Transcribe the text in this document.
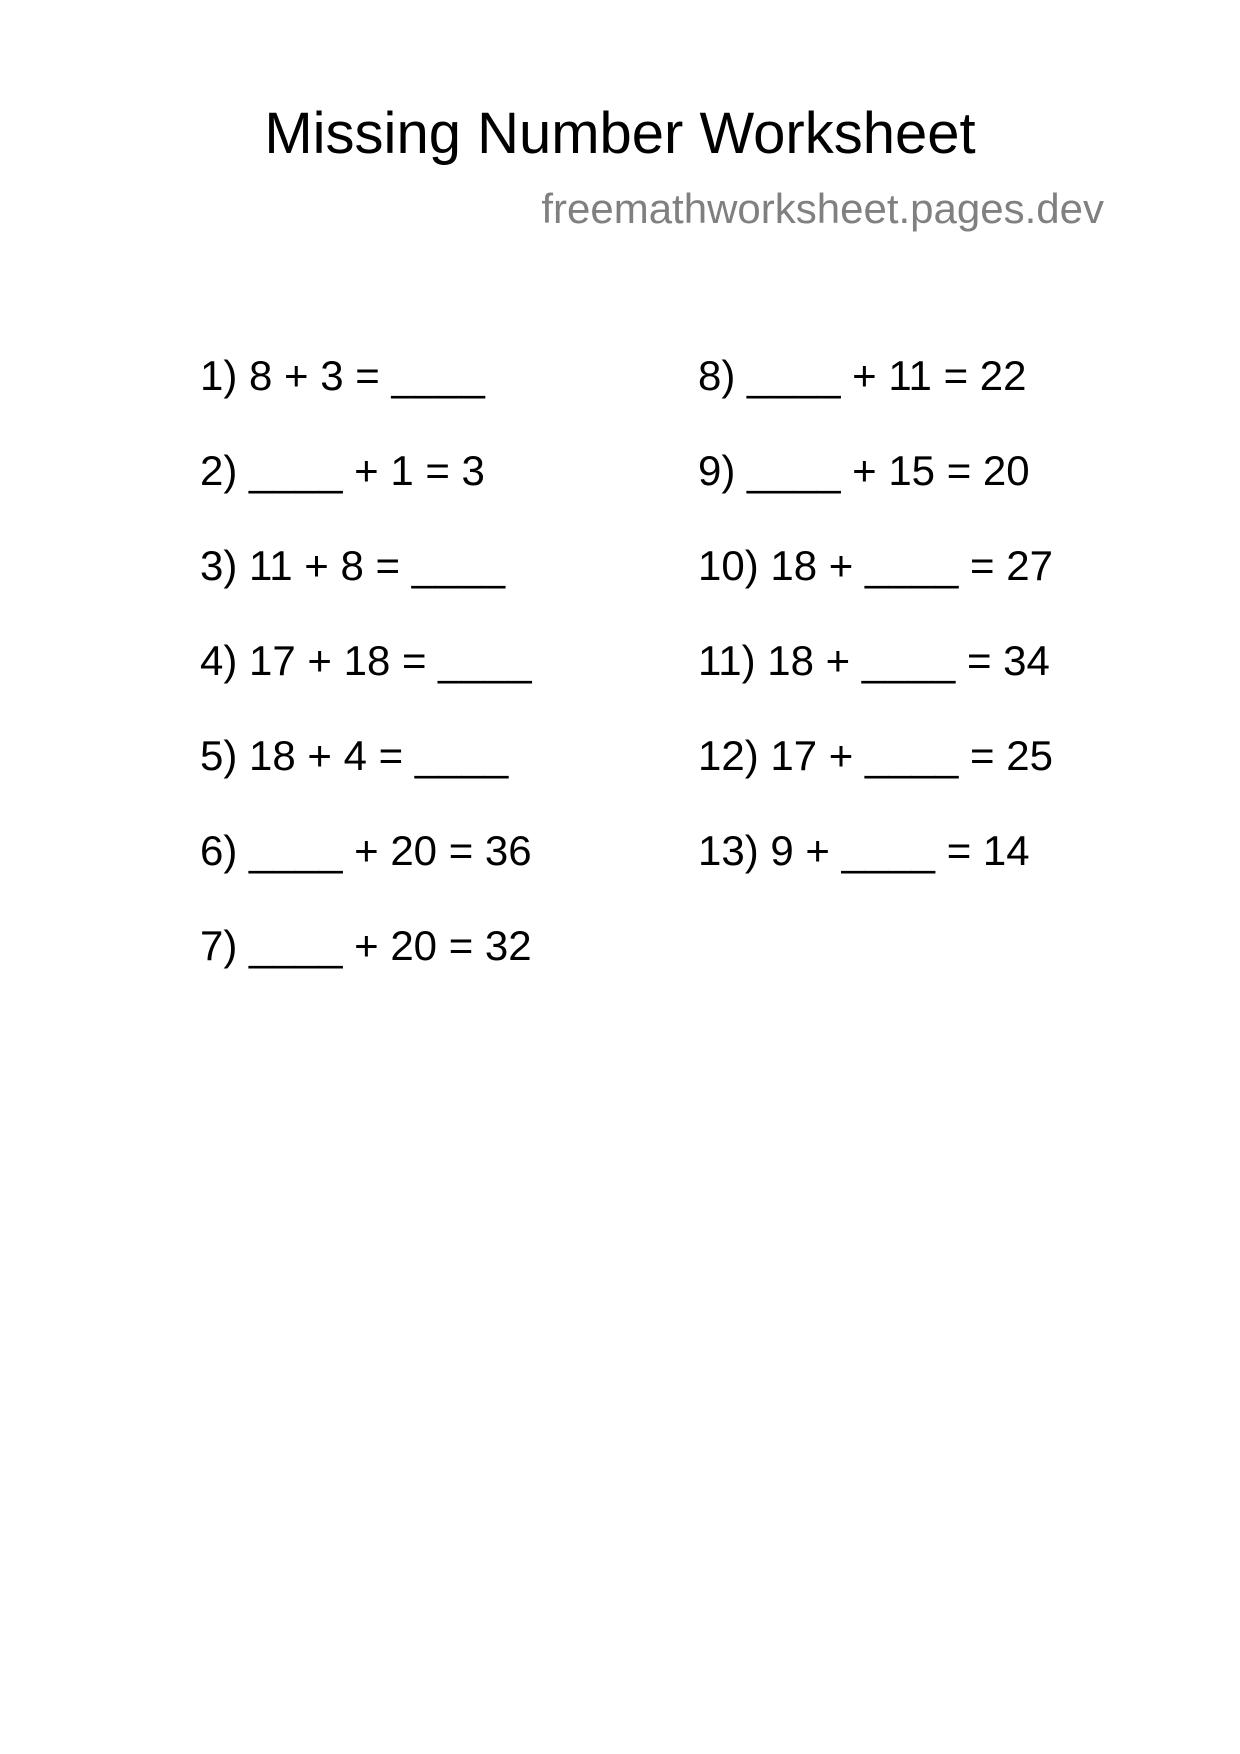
Missing Number Worksheet
freemathworksheet.pages.dev
1) 8 + 3 = ____
2) ____ + 1 = 3
3) 11 + 8 = ____
4) 17 + 18 = ____
5) 18 + 4 = ____
6) ____ + 20 = 36
7) ____ + 20 = 32
8) ____ + 11 = 22
9) ____ + 15 = 20
10) 18 + ____ = 27
11) 18 + ____ = 34
12) 17 + ____ = 25
13) 9 + ____ = 14
